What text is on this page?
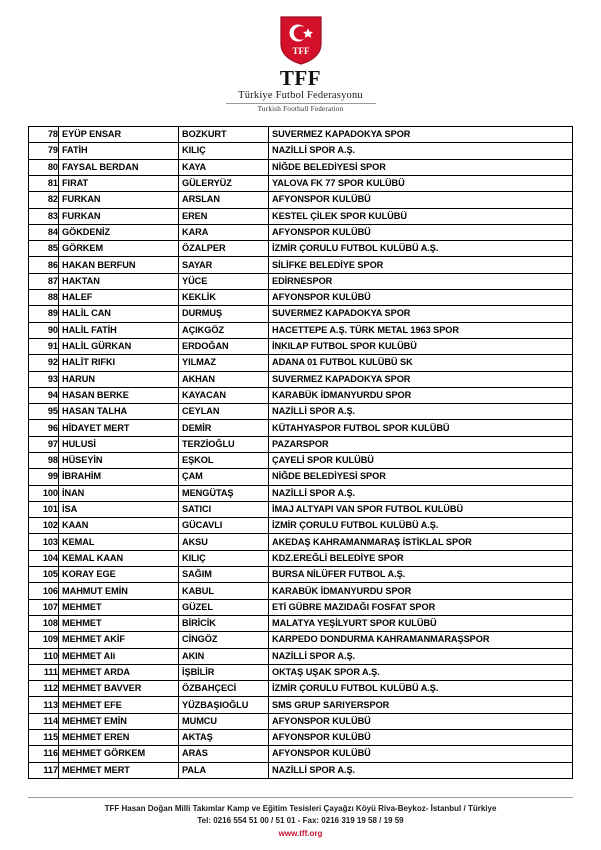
TFF
TFF
Türkiye Futbol Federasyonu
Turkish Football Federation
78	EYÜP ENSAR	BOZKURT	SUVERMEZ KAPADOKYA SPOR
79	FATİH	KILIÇ	NAZİLLİ SPOR A.Ş.
80	FAYSAL BERDAN	KAYA	NİĞDE BELEDİYESİ SPOR
81	FIRAT	GÜLERYÜZ	YALOVA FK 77 SPOR KULÜBÜ
82	FURKAN	ARSLAN	AFYONSPOR KULÜBÜ
83	FURKAN	EREN	KESTEL ÇİLEK SPOR KULÜBÜ
84	GÖKDENİZ	KARA	AFYONSPOR KULÜBÜ
85	GÖRKEM	ÖZALPER	İZMİR ÇORULU FUTBOL KULÜBÜ A.Ş.
86	HAKAN BERFUN	SAYAR	SİLİFKE BELEDİYE SPOR
87	HAKTAN	YÜCE	EDİRNESPOR
88	HALEF	KEKLİK	AFYONSPOR KULÜBÜ
89	HALİL CAN	DURMUŞ	SUVERMEZ KAPADOKYA SPOR
90	HALİL FATİH	AÇIKGÖZ	HACETTEPE A.Ş. TÜRK METAL 1963 SPOR
91	HALİL GÜRKAN	ERDOĞAN	İNKILAP FUTBOL SPOR KULÜBÜ
92	HALİT RIFKI	YILMAZ	ADANA 01 FUTBOL KULÜBÜ SK
93	HARUN	AKHAN	SUVERMEZ KAPADOKYA SPOR
94	HASAN BERKE	KAYACAN	KARABÜK İDMANYURDU SPOR
95	HASAN TALHA	CEYLAN	NAZİLLİ SPOR A.Ş.
96	HİDAYET MERT	DEMİR	KÜTAHYASPOR FUTBOL SPOR KULÜBÜ
97	HULUSİ	TERZİOĞLU	PAZARSPOR
98	HÜSEYİN	EŞKOL	ÇAYELİ SPOR KULÜBÜ
99	İBRAHİM	ÇAM	NİĞDE BELEDİYESİ SPOR
100	İNAN	MENGÜTAŞ	NAZİLLİ SPOR A.Ş.
101	İSA	SATICI	İMAJ ALTYAPI VAN SPOR FUTBOL KULÜBÜ
102	KAAN	GÜCAVLI	İZMİR ÇORULU FUTBOL KULÜBÜ A.Ş.
103	KEMAL	AKSU	AKEDAŞ KAHRAMANMARAŞ İSTİKLAL SPOR
104	KEMAL KAAN	KILIÇ	KDZ.EREĞLİ BELEDİYE SPOR
105	KORAY EGE	SAĞIM	BURSA NİLÜFER FUTBOL A.Ş.
106	MAHMUT EMİN	KABUL	KARABÜK İDMANYURDU SPOR
107	MEHMET	GÜZEL	ETİ GÜBRE MAZIDAĞI FOSFAT SPOR
108	MEHMET	BİRİCİK	MALATYA YEŞİLYURT SPOR KULÜBÜ
109	MEHMET AKİF	CİNGÖZ	KARPEDO DONDURMA KAHRAMANMARAŞSPOR
110	MEHMET Ali	AKIN	NAZİLLİ SPOR A.Ş.
111	MEHMET ARDA	İŞBİLİR	OKTAŞ UŞAK SPOR A.Ş.
112	MEHMET BAVVER	ÖZBAHÇECİ	İZMİR ÇORULU FUTBOL KULÜBÜ A.Ş.
113	MEHMET EFE	YÜZBAŞIOĞLU	SMS GRUP SARIYERSPOR
114	MEHMET EMİN	MUMCU	AFYONSPOR KULÜBÜ
115	MEHMET EREN	AKTAŞ	AFYONSPOR KULÜBÜ
116	MEHMET GÖRKEM	ARAS	AFYONSPOR KULÜBÜ
117	MEHMET MERT	PALA	NAZİLLİ SPOR A.Ş.
TFF Hasan Doğan Milli Takımlar Kamp ve Eğitim Tesisleri Çayağzı Köyü Riva-Beykoz- İstanbul / Türkiye
Tel: 0216 554 51 00 / 51 01 - Fax: 0216 319 19 58 / 19 59
www.tff.org
